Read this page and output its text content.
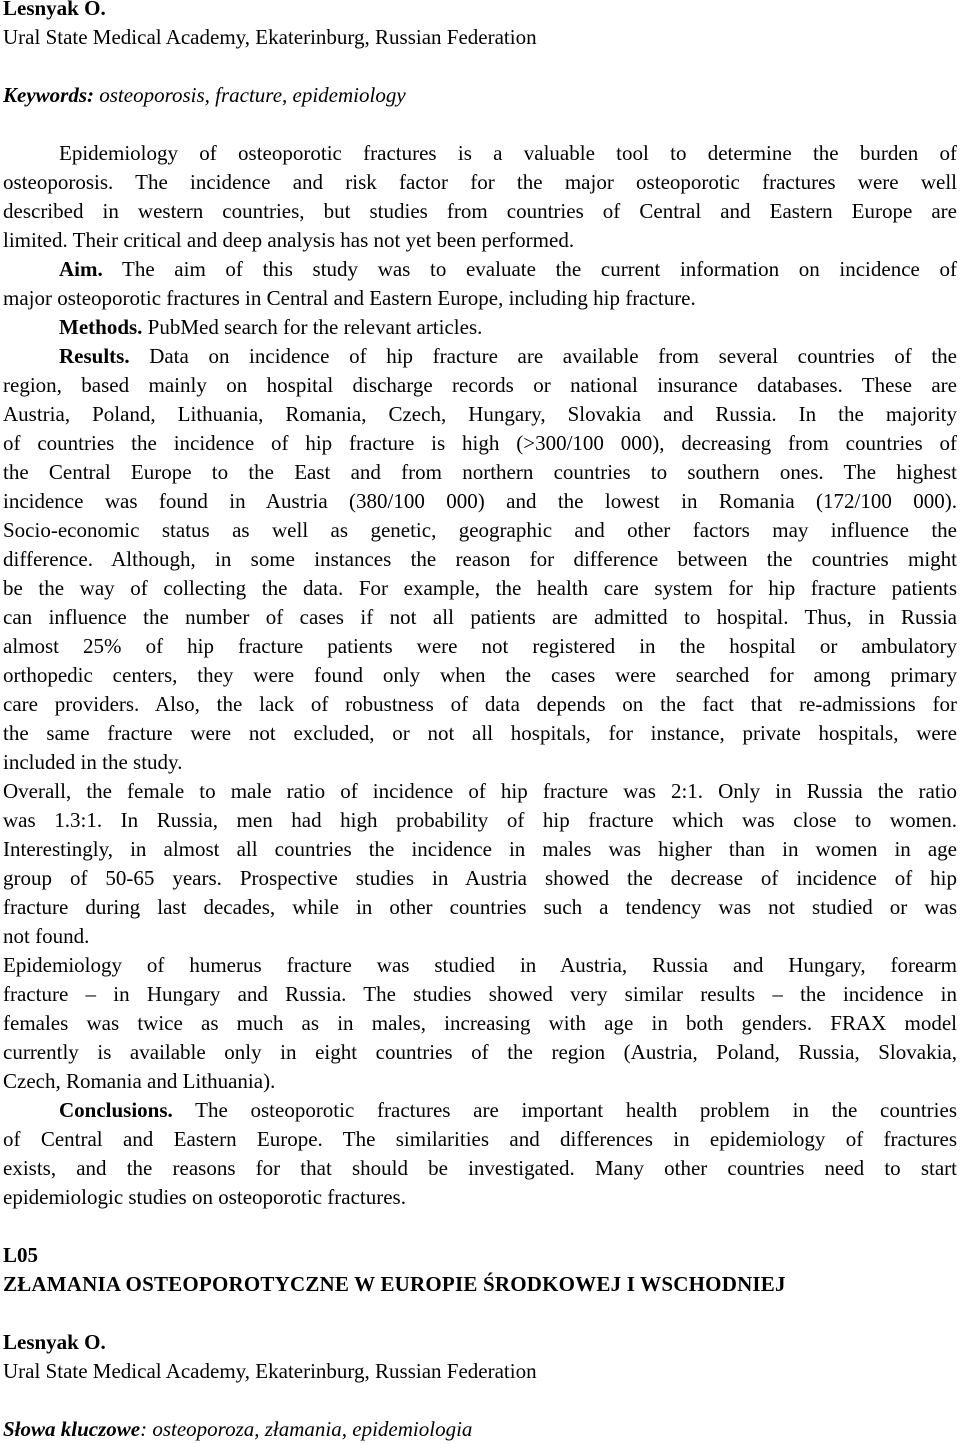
Lesnyak O.
Ural State Medical Academy, Ekaterinburg, Russian Federation
Keywords: osteoporosis, fracture, epidemiology
Epidemiology of osteoporotic fractures is a valuable tool to determine the burden of
osteoporosis. The incidence and risk factor for the major osteoporotic fractures were well
described in western countries, but studies from countries of Central and Eastern Europe are
limited. Their critical and deep analysis has not yet been performed.
Aim. The aim of this study was to evaluate the current information on incidence of
major osteoporotic fractures in Central and Eastern Europe, including hip fracture.
Methods. PubMed search for the relevant articles.
Results. Data on incidence of hip fracture are available from several countries of the
region, based mainly on hospital discharge records or national insurance databases. These are
Austria, Poland, Lithuania, Romania, Czech, Hungary, Slovakia and Russia. In the majority
of countries the incidence of hip fracture is high (>300/100 000), decreasing from countries of
the Central Europe to the East and from northern countries to southern ones. The highest
incidence was found in Austria (380/100 000) and the lowest in Romania (172/100 000).
Socio-economic status as well as genetic, geographic and other factors may influence the
difference. Although, in some instances the reason for difference between the countries might
be the way of collecting the data. For example, the health care system for hip fracture patients
can influence the number of cases if not all patients are admitted to hospital. Thus, in Russia
almost 25% of hip fracture patients were not registered in the hospital or ambulatory
orthopedic centers, they were found only when the cases were searched for among primary
care providers. Also, the lack of robustness of data depends on the fact that re-admissions for
the same fracture were not excluded, or not all hospitals, for instance, private hospitals, were
included in the study.
Overall, the female to male ratio of incidence of hip fracture was 2:1. Only in Russia the ratio
was 1.3:1. In Russia, men had high probability of hip fracture which was close to women.
Interestingly, in almost all countries the incidence in males was higher than in women in age
group of 50-65 years. Prospective studies in Austria showed the decrease of incidence of hip
fracture during last decades, while in other countries such a tendency was not studied or was
not found.
Epidemiology of humerus fracture was studied in Austria, Russia and Hungary, forearm
fracture – in Hungary and Russia. The studies showed very similar results – the incidence in
females was twice as much as in males, increasing with age in both genders. FRAX model
currently is available only in eight countries of the region (Austria, Poland, Russia, Slovakia,
Czech, Romania and Lithuania).
Conclusions. The osteoporotic fractures are important health problem in the countries
of Central and Eastern Europe. The similarities and differences in epidemiology of fractures
exists, and the reasons for that should be investigated. Many other countries need to start
epidemiologic studies on osteoporotic fractures.
L05
ZŁAMANIA OSTEOPOROTYCZNE W EUROPIE ŚRODKOWEJ I WSCHODNIEJ
Lesnyak O.
Ural State Medical Academy, Ekaterinburg, Russian Federation
Słowa kluczowe: osteoporoza, złamania, epidemiologia
